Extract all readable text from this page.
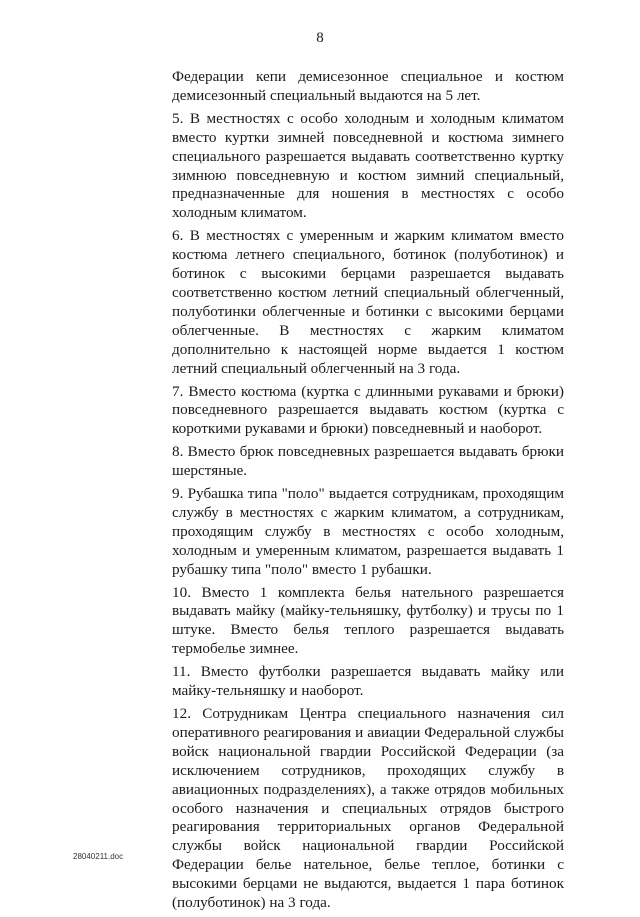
8

Федерации кепи демисезонное специальное и костюм демисезонный специальный выдаются на 5 лет.

5. В местностях с особо холодным и холодным климатом вместо куртки зимней повседневной и костюма зимнего специального разрешается выдавать соответственно куртку зимнюю повседневную и костюм зимний специальный, предназначенные для ношения в местностях с особо холодным климатом.

6. В местностях с умеренным и жарким климатом вместо костюма летнего специального, ботинок (полуботинок) и ботинок с высокими берцами разрешается выдавать соответственно костюм летний специальный облегченный, полуботинки облегченные и ботинки с высокими берцами облегченные. В местностях с жарким климатом дополнительно к настоящей норме выдается 1 костюм летний специальный облегченный на 3 года.

7. Вместо костюма (куртка с длинными рукавами и брюки) повседневного разрешается выдавать костюм (куртка с короткими рукавами и брюки) повседневный и наоборот.

8. Вместо брюк повседневных разрешается выдавать брюки шерстяные.

9. Рубашка типа "поло" выдается сотрудникам, проходящим службу в местностях с жарким климатом, а сотрудникам, проходящим службу в местностях с особо холодным, холодным и умеренным климатом, разрешается выдавать 1 рубашку типа "поло" вместо 1 рубашки.

10. Вместо 1 комплекта белья нательного разрешается выдавать майку (майку-тельняшку, футболку) и трусы по 1 штуке. Вместо белья теплого разрешается выдавать термобелье зимнее.

11. Вместо футболки разрешается выдавать майку или майку-тельняшку и наоборот.

12. Сотрудникам Центра специального назначения сил оперативного реагирования и авиации Федеральной службы войск национальной гвардии Российской Федерации (за исключением сотрудников, проходящих службу в авиационных подразделениях), а также отрядов мобильных особого назначения и специальных отрядов быстрого реагирования территориальных органов Федеральной службы войск национальной гвардии Российской Федерации белье нательное, белье теплое, ботинки с высокими берцами не выдаются, выдается 1 пара ботинок (полуботинок) на 3 года.

28040211.doc
